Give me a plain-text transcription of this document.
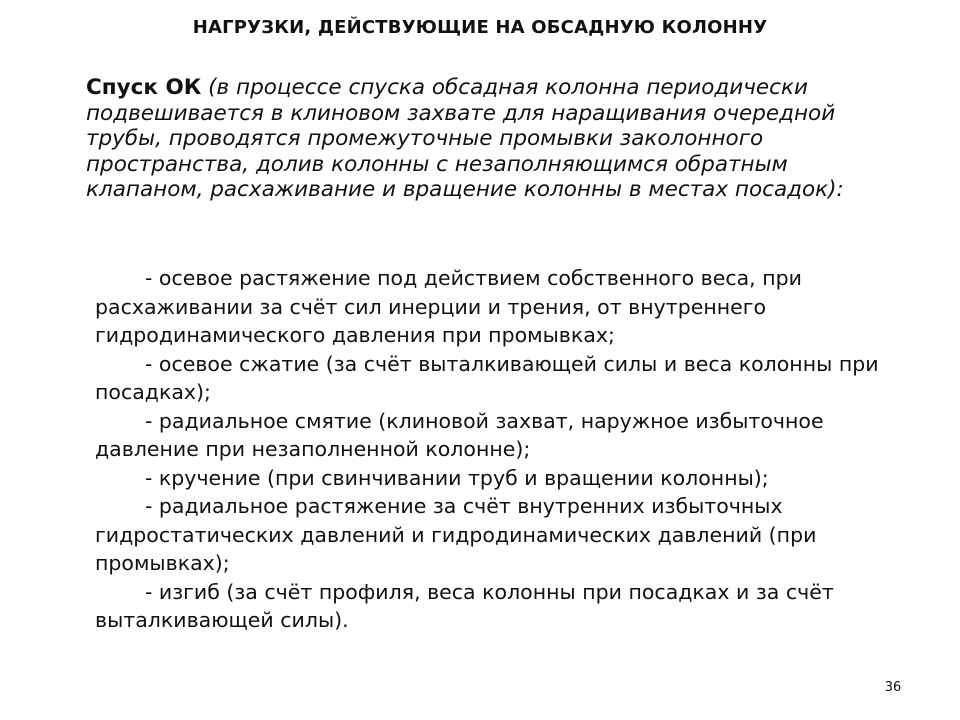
НАГРУЗКИ, ДЕЙСТВУЮЩИЕ НА ОБСАДНУЮ КОЛОННУ

Спуск ОК (в процессе спуска обсадная колонна периодически подвешивается в клиновом захвате для наращивания очередной трубы, проводятся промежуточные промывки заколонного пространства, долив колонны с незаполняющимся обратным клапаном, расхаживание и вращение колонны в местах посадок):

- осевое растяжение под действием собственного веса, при расхаживании за счёт сил инерции и трения, от внутреннего гидродинамического давления при промывках;
- осевое сжатие (за счёт выталкивающей силы и веса колонны при посадках);
- радиальное смятие (клиновой захват, наружное избыточное давление при незаполненной колонне);
- кручение (при свинчивании труб и вращении колонны);
- радиальное растяжение за счёт внутренних избыточных гидростатических давлений и гидродинамических давлений (при промывках);
- изгиб (за счёт профиля, веса колонны при посадках и за счёт выталкивающей силы).
36
